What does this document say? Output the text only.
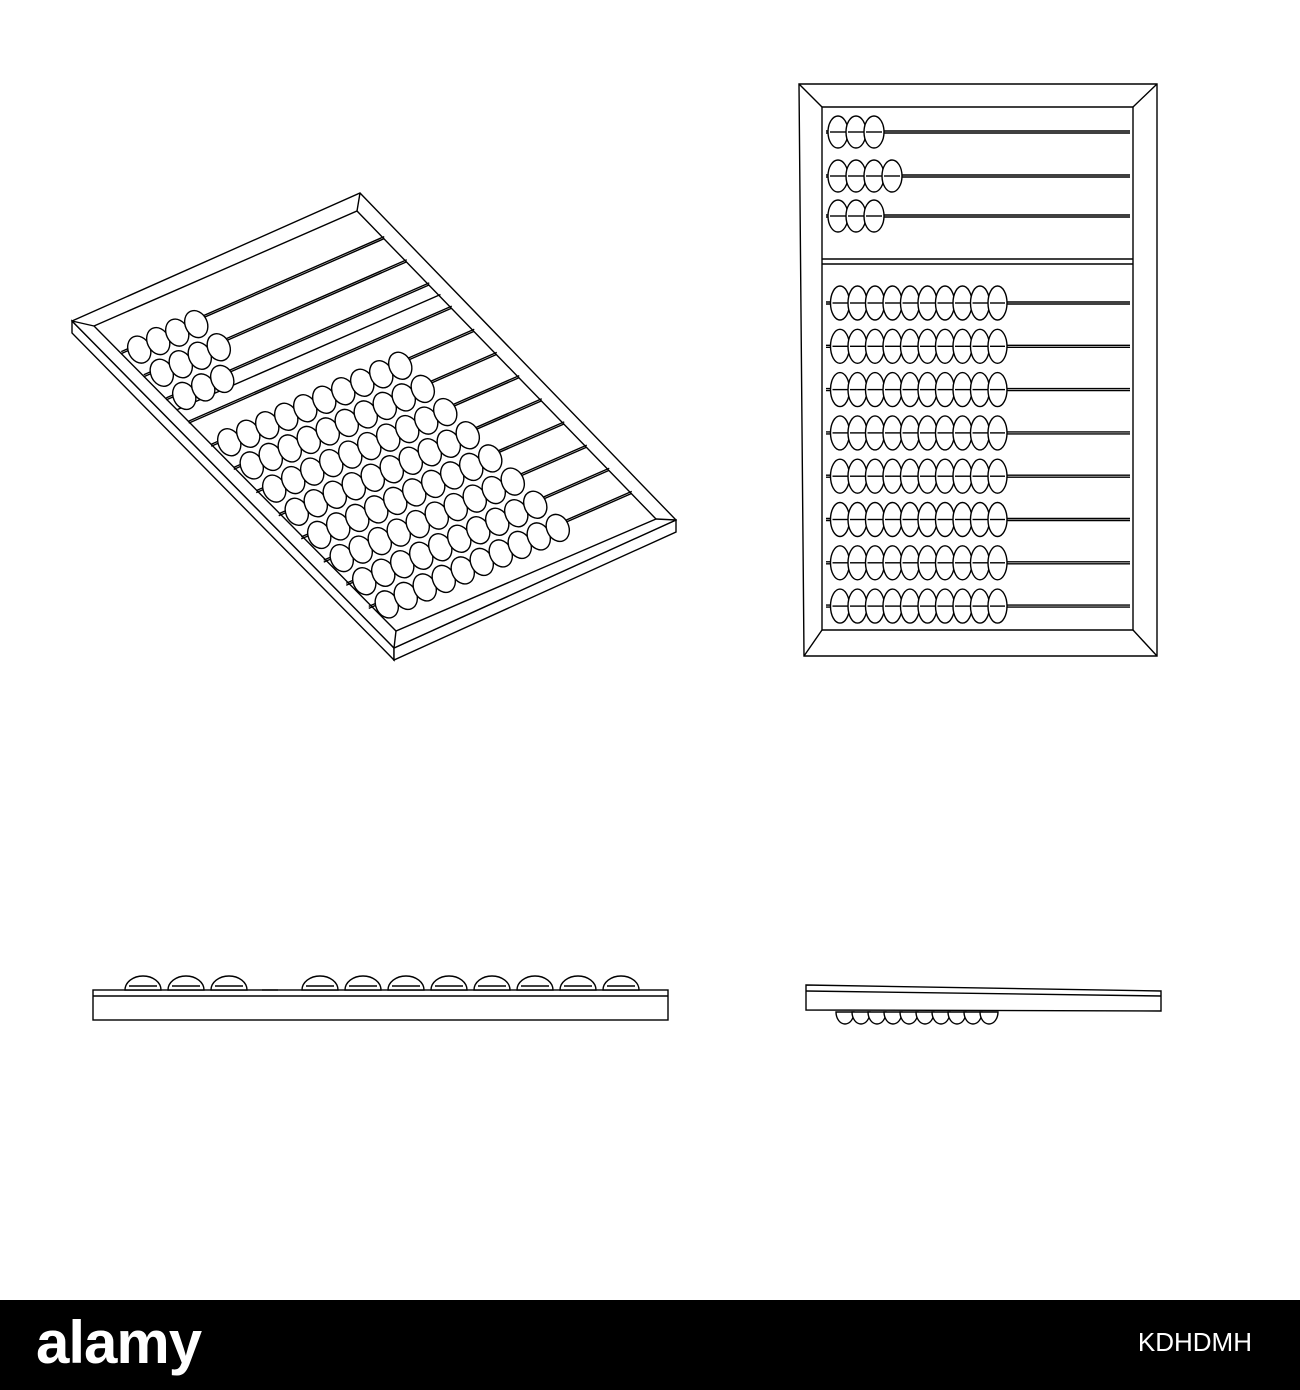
alamy	KDHDMH
